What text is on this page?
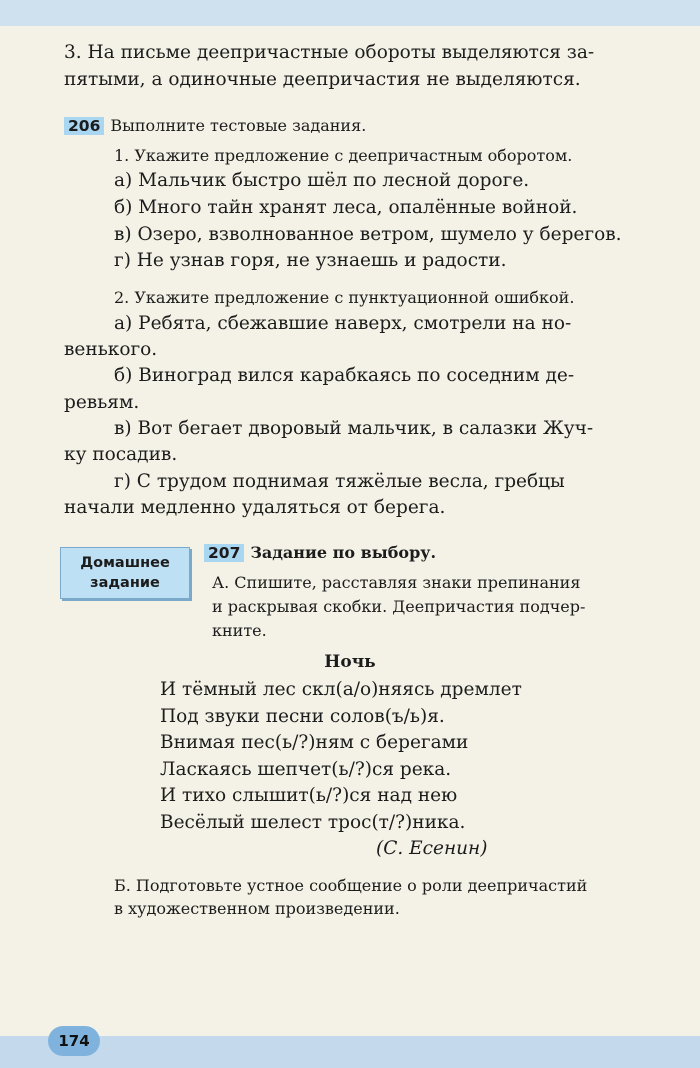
3. На письме деепричастные обороты выделяются за-
пятыми, а одиночные деепричастия не выделяются.
206 Выполните тестовые задания.
1. Укажите предложение с деепричастным оборотом.
а) Мальчик быстро шёл по лесной дороге.
б) Много тайн хранят леса, опалённые войной.
в) Озеро, взволнованное ветром, шумело у берегов.
г) Не узнав горя, не узнаешь и радости.
2. Укажите предложение с пунктуационной ошибкой.
а) Ребята, сбежавшие наверх, смотрели на но-
венького.
б) Виноград вился карабкаясь по соседним де-
ревьям.
в) Вот бегает дворовый мальчик, в салазки Жуч-
ку посадив.
г) С трудом поднимая тяжёлые весла, гребцы
начали медленно удаляться от берега.
Домашнее
задание
207 Задание по выбору.
А. Спишите, расставляя знаки препинания
и раскрывая скобки. Деепричастия подчер-
кните.
Ночь
И тёмный лес скл(а/о)няясь дремлет
Под звуки песни солов(ъ/ь)я.
Внимая пес(ь/?)ням с берегами
Ласкаясь шепчет(ь/?)ся река.
И тихо слышит(ь/?)ся над нею
Весёлый шелест трос(т/?)ника.
(С. Есенин)
Б. Подготовьте устное сообщение о роли деепричастий
в художественном произведении.
174
